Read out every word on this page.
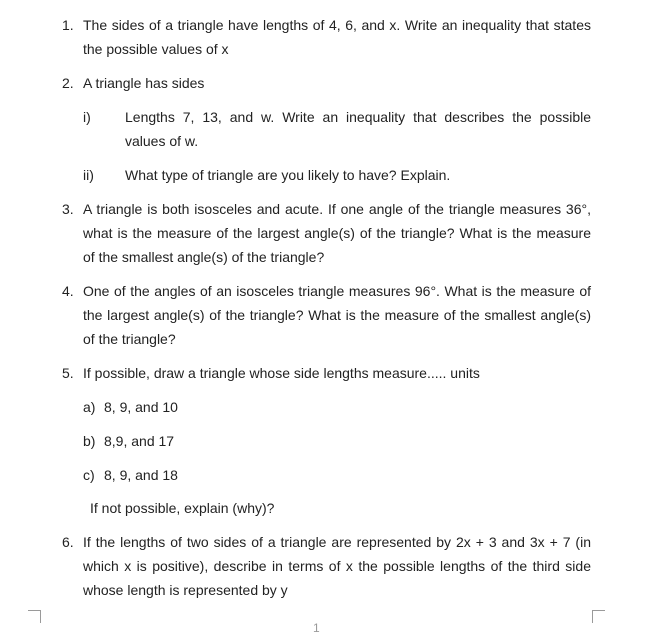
1. The sides of a triangle have lengths of 4, 6, and x. Write an inequality that states
the possible values of x
2. A triangle has sides
i) Lengths 7, 13, and w. Write an inequality that describes the possible
values of w.
ii) What type of triangle are you likely to have? Explain.
3. A triangle is both isosceles and acute. If one angle of the triangle measures 36°,
what is the measure of the largest angle(s) of the triangle? What is the measure
of the smallest angle(s) of the triangle?
4. One of the angles of an isosceles triangle measures 96°. What is the measure of
the largest angle(s) of the triangle? What is the measure of the smallest angle(s)
of the triangle?
5. If possible, draw a triangle whose side lengths measure..... units
a) 8, 9, and 10
b) 8,9, and 17
c) 8, 9, and 18
If not possible, explain (why)?
6. If the lengths of two sides of a triangle are represented by 2x + 3 and 3x + 7 (in
which x is positive), describe in terms of x the possible lengths of the third side
whose length is represented by y
1
